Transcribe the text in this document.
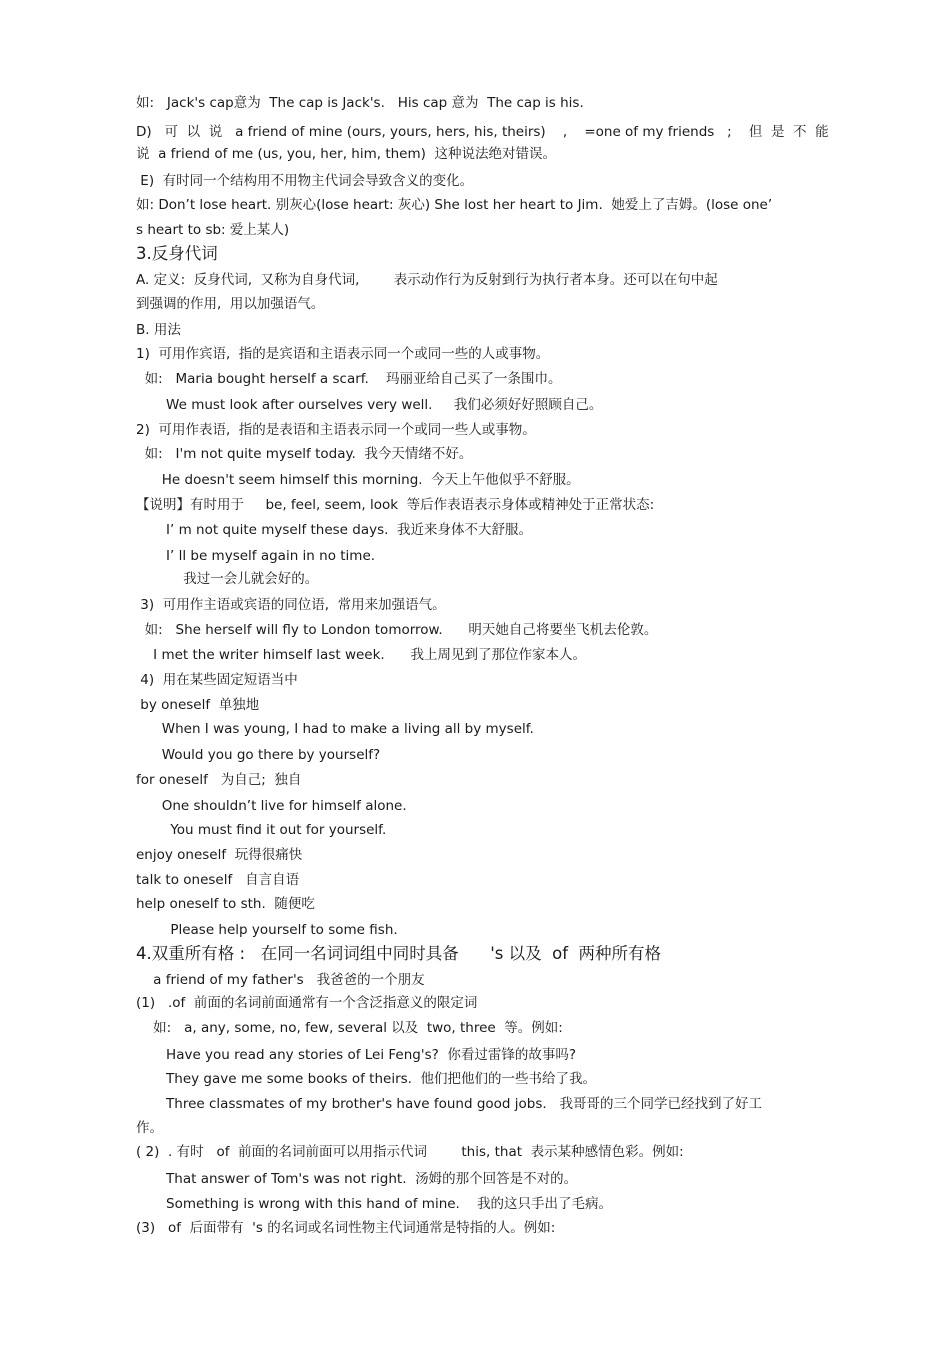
如:   Jack's cap意为  The cap is Jack's.   His cap 意为  The cap is his.
D)   可  以  说   a friend of mine (ours, yours, hers, his, theirs)    ,    =one of my friends   ;    但  是  不  能
说  a friend of me (us, you, her, him, them)  这种说法绝对错误。
E)  有时同一个结构用不用物主代词会导致含义的变化。
如: Don’t lose heart. 别灰心(lose heart: 灰心) She lost her heart to Jim.  她爱上了吉姆。(lose one’
s heart to sb: 爱上某人)
3.反身代词
A. 定义:  反身代词,  又称为自身代词,        表示动作行为反射到行为执行者本身。还可以在句中起
到强调的作用,  用以加强语气。
B. 用法
1)  可用作宾语,  指的是宾语和主语表示同一个或同一些的人或事物。
如:   Maria bought herself a scarf.    玛丽亚给自己买了一条围巾。
We must look after ourselves very well.     我们必须好好照顾自己。
2)  可用作表语,  指的是表语和主语表示同一个或同一些人或事物。
如:   I'm not quite myself today.  我今天情绪不好。
He doesn't seem himself this morning.  今天上午他似乎不舒服。
【说明】有时用于     be, feel, seem, look  等后作表语表示身体或精神处于正常状态:
I’ m not quite myself these days.  我近来身体不大舒服。
I’ ll be myself again in no time.
我过一会儿就会好的。
3)  可用作主语或宾语的同位语,  常用来加强语气。
如:   She herself will fly to London tomorrow.      明天她自己将要坐飞机去伦敦。
I met the writer himself last week.      我上周见到了那位作家本人。
4)  用在某些固定短语当中
by oneself  单独地
When I was young, I had to make a living all by myself.
Would you go there by yourself?
for oneself   为自己;  独自
One shouldn’t live for himself alone.
You must find it out for yourself.
enjoy oneself  玩得很痛快
talk to oneself   自言自语
help oneself to sth.  随便吃
Please help yourself to some fish.
4.双重所有格 :   在同一名词词组中同时具备      's 以及  of  两种所有格
a friend of my father's   我爸爸的一个朋友
(1)   .of  前面的名词前面通常有一个含泛指意义的限定词
如:   a, any, some, no, few, several 以及  two, three  等。例如:
Have you read any stories of Lei Feng's?  你看过雷锋的故事吗?
They gave me some books of theirs.  他们把他们的一些书给了我。
Three classmates of my brother's have found good jobs.   我哥哥的三个同学已经找到了好工
作。
( 2)  . 有时   of  前面的名词前面可以用指示代词        this, that  表示某种感情色彩。例如:
That answer of Tom's was not right.  汤姆的那个回答是不对的。
Something is wrong with this hand of mine.    我的这只手出了毛病。
(3)   of  后面带有  's 的名词或名词性物主代词通常是特指的人。例如:
